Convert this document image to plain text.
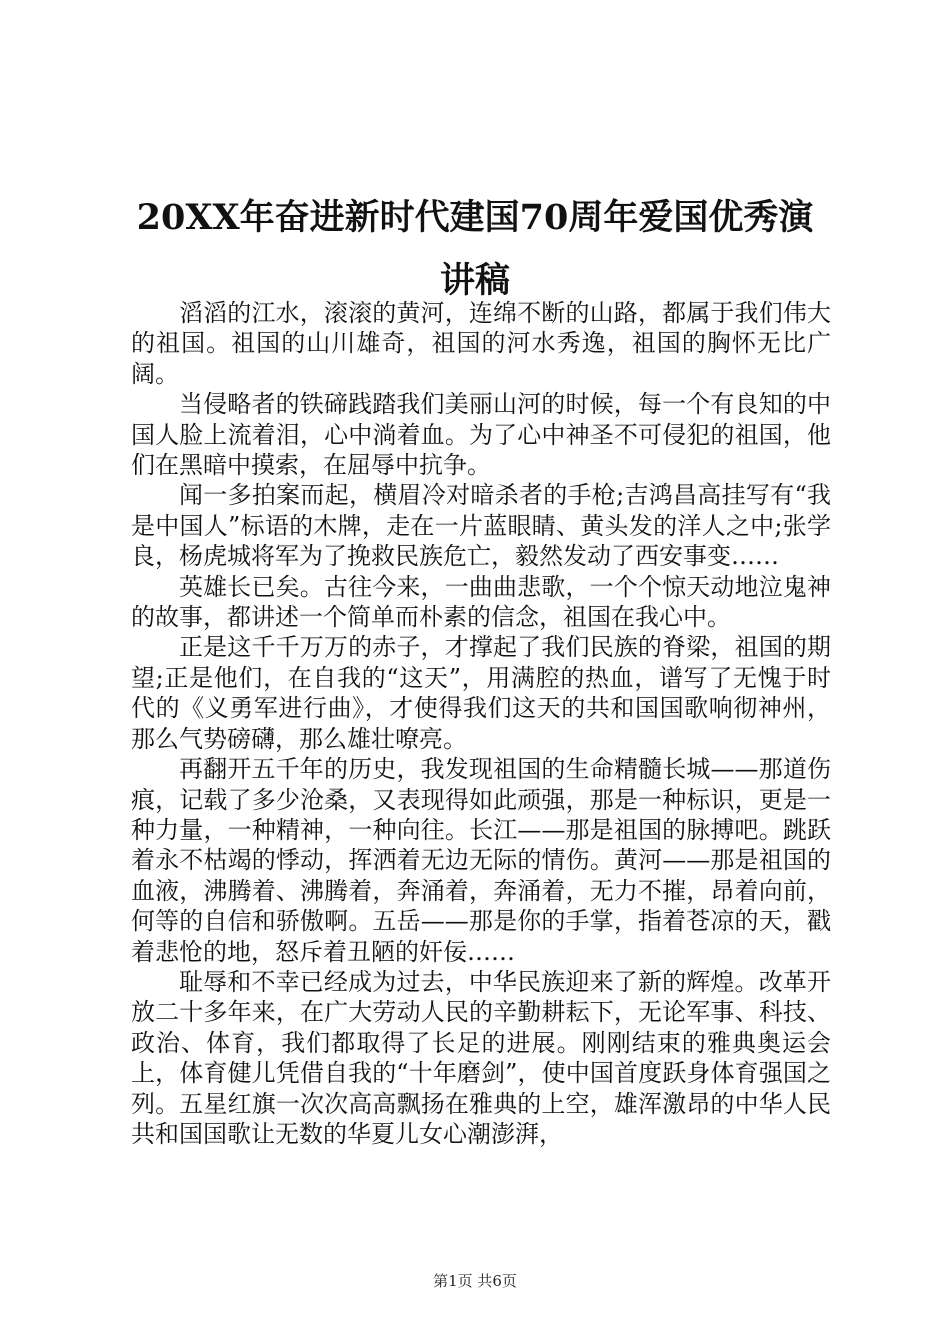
20XX年奋进新时代建国70周年爱国优秀演讲稿

滔滔的江水，滚滚的黄河，连绵不断的山路，都属于我们伟大的祖国。祖国的山川雄奇，祖国的河水秀逸，祖国的胸怀无比广阔。

当侵略者的铁碲践踏我们美丽山河的时候，每一个有良知的中国人脸上流着泪，心中淌着血。为了心中神圣不可侵犯的祖国，他们在黑暗中摸索，在屈辱中抗争。

闻一多拍案而起，横眉冷对暗杀者的手枪;吉鸿昌高挂写有“我是中国人”标语的木牌，走在一片蓝眼睛、黄头发的洋人之中;张学良，杨虎城将军为了挽救民族危亡，毅然发动了西安事变……

英雄长已矣。古往今来，一曲曲悲歌，一个个惊天动地泣鬼神的故事，都讲述一个简单而朴素的信念，祖国在我心中。

正是这千千万万的赤子，才撑起了我们民族的脊梁，祖国的期望;正是他们，在自我的“这天”，用满腔的热血，谱写了无愧于时代的《义勇军进行曲》，才使得我们这天的共和国国歌响彻神州，那么气势磅礴，那么雄壮嘹亮。

再翻开五千年的历史，我发现祖国的生命精髓长城——那道伤痕，记载了多少沧桑，又表现得如此顽强，那是一种标识，更是一种力量，一种精神，一种向往。长江——那是祖国的脉搏吧。跳跃着永不枯竭的悸动，挥洒着无边无际的情伤。黄河——那是祖国的血液，沸腾着、沸腾着，奔涌着，奔涌着，无力不摧，昂着向前，何等的自信和骄傲啊。五岳——那是你的手掌，指着苍凉的天，戳着悲怆的地，怒斥着丑陋的奸佞……

耻辱和不幸已经成为过去，中华民族迎来了新的辉煌。改革开放二十多年来，在广大劳动人民的辛勤耕耘下，无论军事、科技、政治、体育，我们都取得了长足的进展。刚刚结束的雅典奥运会上，体育健儿凭借自我的“十年磨剑”，使中国首度跃身体育强国之列。五星红旗一次次高高飘扬在雅典的上空，雄浑激昂的中华人民共和国国歌让无数的华夏儿女心潮澎湃，

第1页 共6页
